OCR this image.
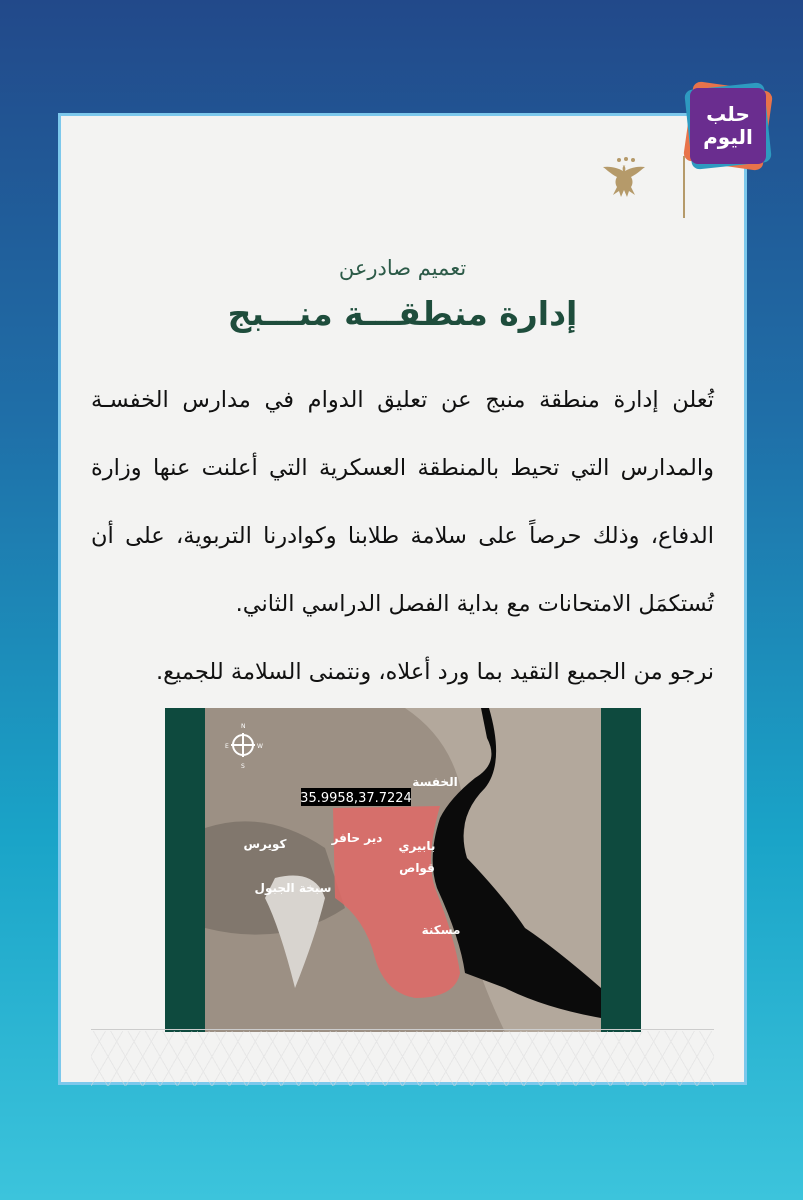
تعميم صادرعن
إدارة منطقـــة منـــبج

تُعلن إدارة منطقة منبج عن تعليق الدوام في مدارس الخفسـة والمدارس التي تحيط بالمنطقة العسكرية التي أعلنت عنها وزارة الدفاع، وذلك حرصاً على سلامة طلابنا وكوادرنا التربوية، على أن تُستكمَل الامتحانات مع بداية الفصل الدراسي الثاني.

نرجو من الجميع التقيد بما ورد أعلاه، ونتمنى السلامة للجميع.

N
S
E	W
35.9958,37.7224
الخفسة
دير حافر
كويرس	بابيري
قواص
مسكنة
سبخة الجبول
حلب اليوم
